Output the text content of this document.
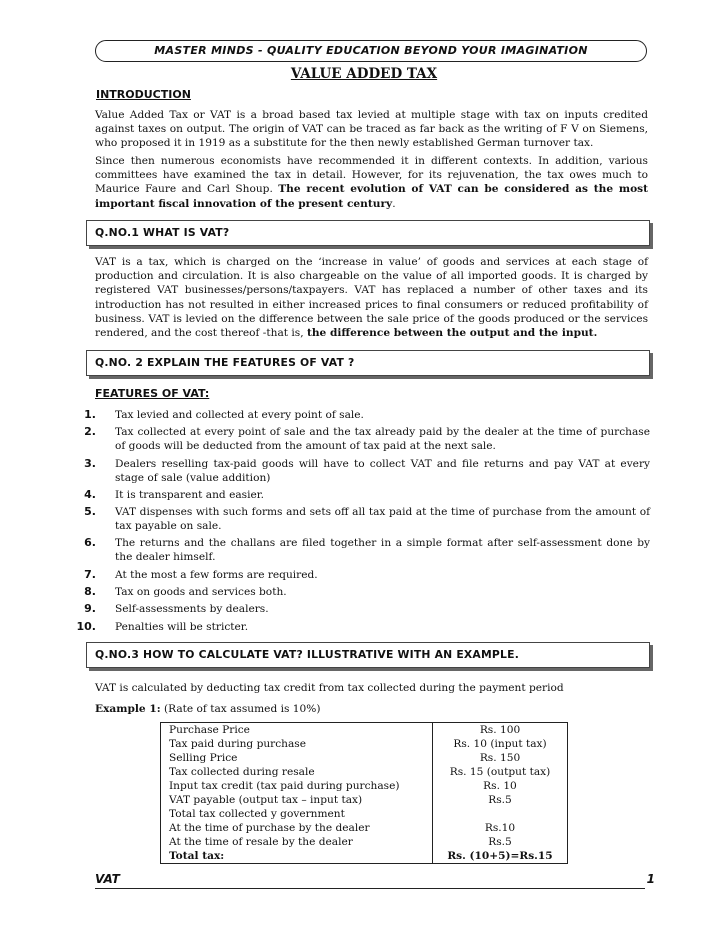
MASTER MINDS - QUALITY EDUCATION BEYOND YOUR IMAGINATION
VALUE ADDED TAX
INTRODUCTION

Value Added Tax or VAT is a broad based tax levied at multiple stage with tax on inputs credited against taxes on output. The origin of VAT can be traced as far back as the writing of F V on Siemens, who proposed it in 1919 as a substitute for the then newly established German turnover tax.

Since then numerous economists have recommended it in different contexts. In addition, various committees have examined the tax in detail. However, for its rejuvenation, the tax owes much to Maurice Faure and Carl Shoup. The recent evolution of VAT can be considered as the most important fiscal innovation of the present century.

Q.NO.1 WHAT IS VAT?

VAT is a tax, which is charged on the ‘increase in value’ of goods and services at each stage of production and circulation. It is also chargeable on the value of all imported goods. It is charged by registered VAT businesses/persons/taxpayers. VAT has replaced a number of other taxes and its introduction has not resulted in either increased prices to final consumers or reduced profitability of business. VAT is levied on the difference between the sale price of the goods produced or the services rendered, and the cost thereof -that is, the difference between the output and the input.

Q.NO. 2 EXPLAIN THE FEATURES OF VAT ?
FEATURES OF VAT:
1. Tax levied and collected at every point of sale.
2. Tax collected at every point of sale and the tax already paid by the dealer at the time of purchase of goods will be deducted from the amount of tax paid at the next sale.
3. Dealers reselling tax-paid goods will have to collect VAT and file returns and pay VAT at every stage of sale (value addition)
4. It is transparent and easier.
5. VAT dispenses with such forms and sets off all tax paid at the time of purchase from the amount of tax payable on sale.
6. The returns and the challans are filed together in a simple format after self-assessment done by the dealer himself.
7. At the most a few forms are required.
8. Tax on goods and services both.
9. Self-assessments by dealers.
10. Penalties will be stricter.
Q.NO.3 HOW TO CALCULATE VAT? ILLUSTRATIVE WITH AN EXAMPLE.
VAT is calculated by deducting tax credit from tax collected during the payment period
Example 1: (Rate of tax assumed is 10%)
Purchase Price	Rs. 100
Tax paid during purchase	Rs. 10 (input tax)
Selling Price	Rs. 150
Tax collected during resale	Rs. 15 (output tax)
Input tax credit (tax paid during purchase)	Rs. 10
VAT payable (output tax – input tax)	Rs.5
Total tax collected y government	
At the time of purchase by the dealer	Rs.10
At the time of resale by the dealer	Rs.5
Total tax:	Rs. (10+5)=Rs.15
VAT	1
